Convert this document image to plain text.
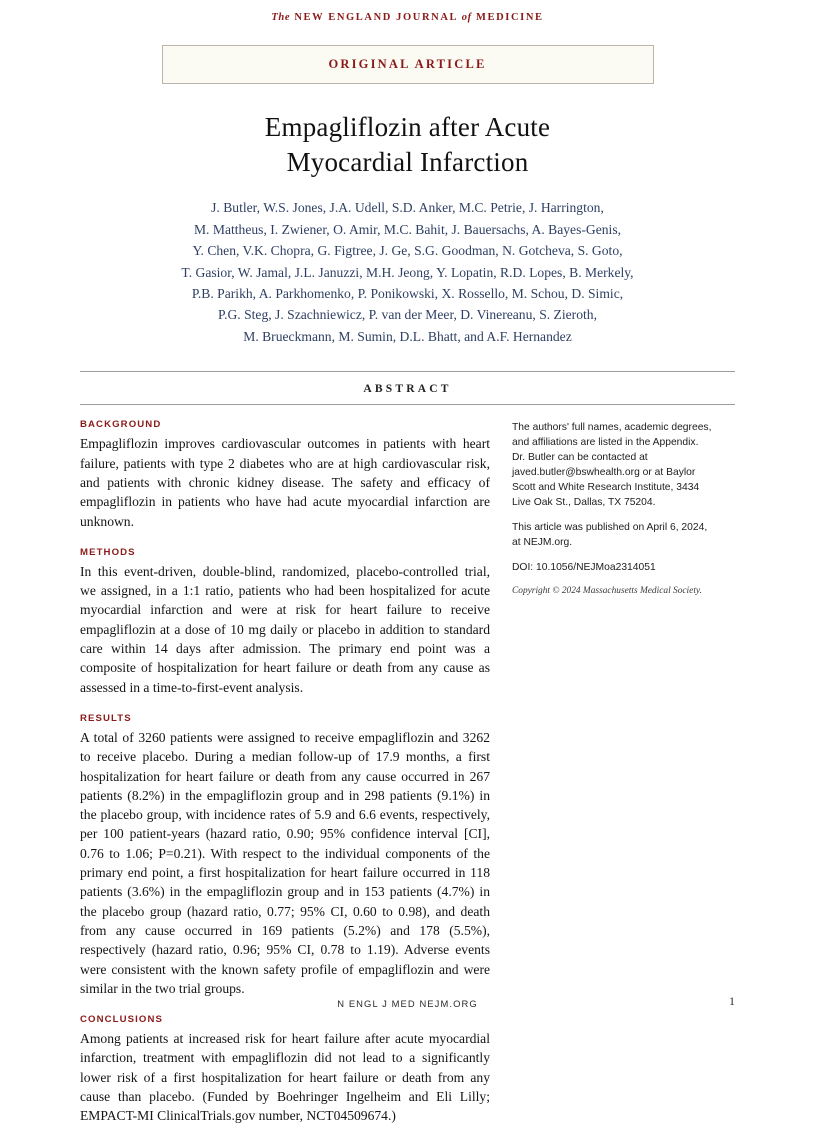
The NEW ENGLAND JOURNAL of MEDICINE
ORIGINAL ARTICLE
Empagliflozin after Acute
Myocardial Infarction
J. Butler, W.S. Jones, J.A. Udell, S.D. Anker, M.C. Petrie, J. Harrington,
M. Mattheus, I. Zwiener, O. Amir, M.C. Bahit, J. Bauersachs, A. Bayes-Genis,
Y. Chen, V.K. Chopra, G. Figtree, J. Ge, S.G. Goodman, N. Gotcheva, S. Goto,
T. Gasior, W. Jamal, J.L. Januzzi, M.H. Jeong, Y. Lopatin, R.D. Lopes, B. Merkely,
P.B. Parikh, A. Parkhomenko, P. Ponikowski, X. Rossello, M. Schou, D. Simic,
P.G. Steg, J. Szachniewicz, P. van der Meer, D. Vinereanu, S. Zieroth,
M. Brueckmann, M. Sumin, D.L. Bhatt, and A.F. Hernandez
ABSTRACT
BACKGROUND

Empagliflozin improves cardiovascular outcomes in patients with heart failure, patients with type 2 diabetes who are at high cardiovascular risk, and patients with chronic kidney disease. The safety and efficacy of empagliflozin in patients who have had acute myocardial infarction are unknown.

METHODS

In this event-driven, double-blind, randomized, placebo-controlled trial, we assigned, in a 1:1 ratio, patients who had been hospitalized for acute myocardial infarction and were at risk for heart failure to receive empagliflozin at a dose of 10 mg daily or placebo in addition to standard care within 14 days after admission. The primary end point was a composite of hospitalization for heart failure or death from any cause as assessed in a time-to-first-event analysis.

RESULTS

A total of 3260 patients were assigned to receive empagliflozin and 3262 to receive placebo. During a median follow-up of 17.9 months, a first hospitalization for heart failure or death from any cause occurred in 267 patients (8.2%) in the empagliflozin group and in 298 patients (9.1%) in the placebo group, with incidence rates of 5.9 and 6.6 events, respectively, per 100 patient-years (hazard ratio, 0.90; 95% confidence interval [CI], 0.76 to 1.06; P=0.21). With respect to the individual components of the primary end point, a first hospitalization for heart failure occurred in 118 patients (3.6%) in the empagliflozin group and in 153 patients (4.7%) in the placebo group (hazard ratio, 0.77; 95% CI, 0.60 to 0.98), and death from any cause occurred in 169 patients (5.2%) and 178 (5.5%), respectively (hazard ratio, 0.96; 95% CI, 0.78 to 1.19). Adverse events were consistent with the known safety profile of empagliflozin and were similar in the two trial groups.

CONCLUSIONS

Among patients at increased risk for heart failure after acute myocardial infarction, treatment with empagliflozin did not lead to a significantly lower risk of a first hospitalization for heart failure or death from any cause than placebo. (Funded by Boehringer Ingelheim and Eli Lilly; EMPACT-MI ClinicalTrials.gov number, NCT04509674.)

The authors' full names, academic degrees, and affiliations are listed in the Appendix. Dr. Butler can be contacted at javed.butler@bswhealth.org or at Baylor Scott and White Research Institute, 3434 Live Oak St., Dallas, TX 75204.

This article was published on April 6, 2024, at NEJM.org.

DOI: 10.1056/NEJMoa2314051

Copyright © 2024 Massachusetts Medical Society.

N ENGL J MED NEJM.ORG	1
